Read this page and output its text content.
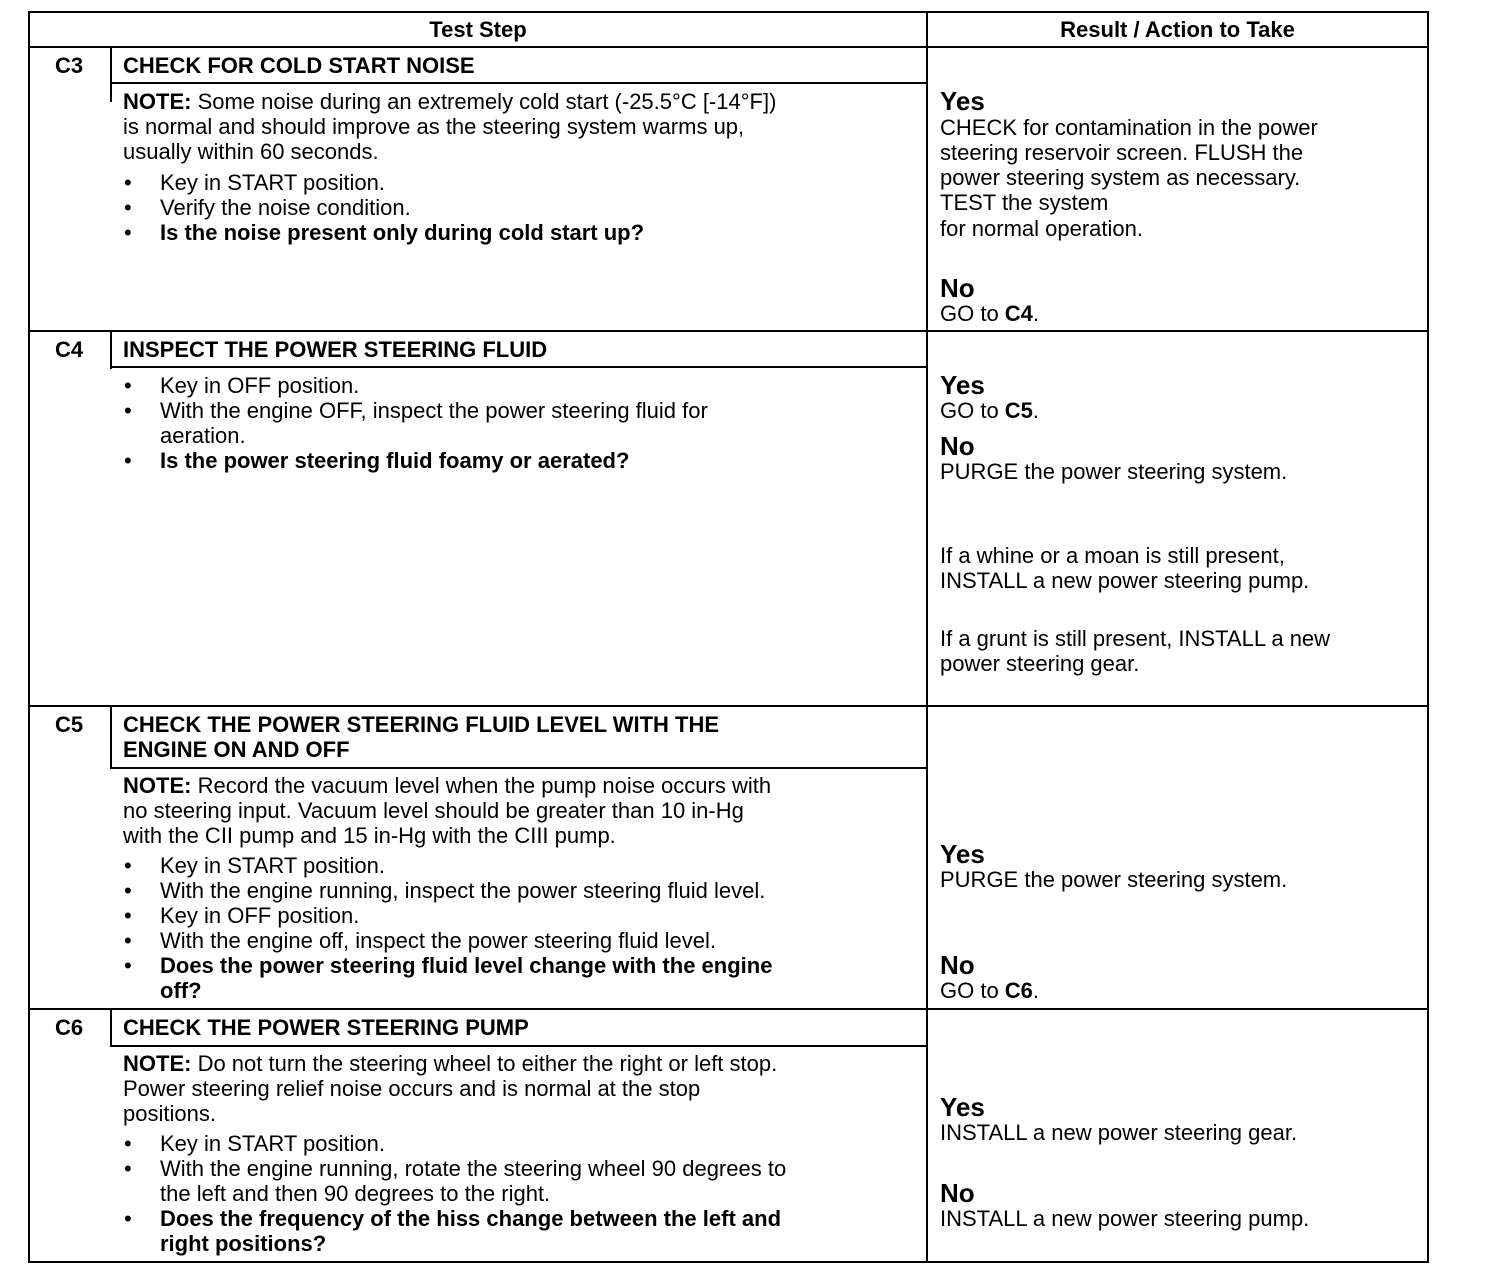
Test Step	Result / Action to Take
C3	CHECK FOR COLD START NOISE
NOTE: Some noise during an extremely cold start (-25.5°C [-14°F])
is normal and should improve as the steering system warms up,
usually within 60 seconds.
•	Key in START position.
•	Verify the noise condition.
•	Is the noise present only during cold start up?
Yes
CHECK for contamination in the power
steering reservoir screen. FLUSH the
power steering system as necessary.
TEST the system
for normal operation.
No
GO to C4.
C4	INSPECT THE POWER STEERING FLUID
•	Key in OFF position.
•	With the engine OFF, inspect the power steering fluid for
aeration.
•	Is the power steering fluid foamy or aerated?
Yes
GO to C5.
No
PURGE the power steering system.
If a whine or a moan is still present,
INSTALL a new power steering pump.
If a grunt is still present, INSTALL a new
power steering gear.
C5	CHECK THE POWER STEERING FLUID LEVEL WITH THE
ENGINE ON AND OFF
NOTE: Record the vacuum level when the pump noise occurs with
no steering input. Vacuum level should be greater than 10 in-Hg
with the CII pump and 15 in-Hg with the CIII pump.
•	Key in START position.
•	With the engine running, inspect the power steering fluid level.
•	Key in OFF position.
•	With the engine off, inspect the power steering fluid level.
•	Does the power steering fluid level change with the engine
off?
Yes
PURGE the power steering system.
No
GO to C6.
C6	CHECK THE POWER STEERING PUMP
NOTE: Do not turn the steering wheel to either the right or left stop.
Power steering relief noise occurs and is normal at the stop
positions.
•	Key in START position.
•	With the engine running, rotate the steering wheel 90 degrees to
the left and then 90 degrees to the right.
•	Does the frequency of the hiss change between the left and
right positions?
Yes
INSTALL a new power steering gear.
No
INSTALL a new power steering pump.
